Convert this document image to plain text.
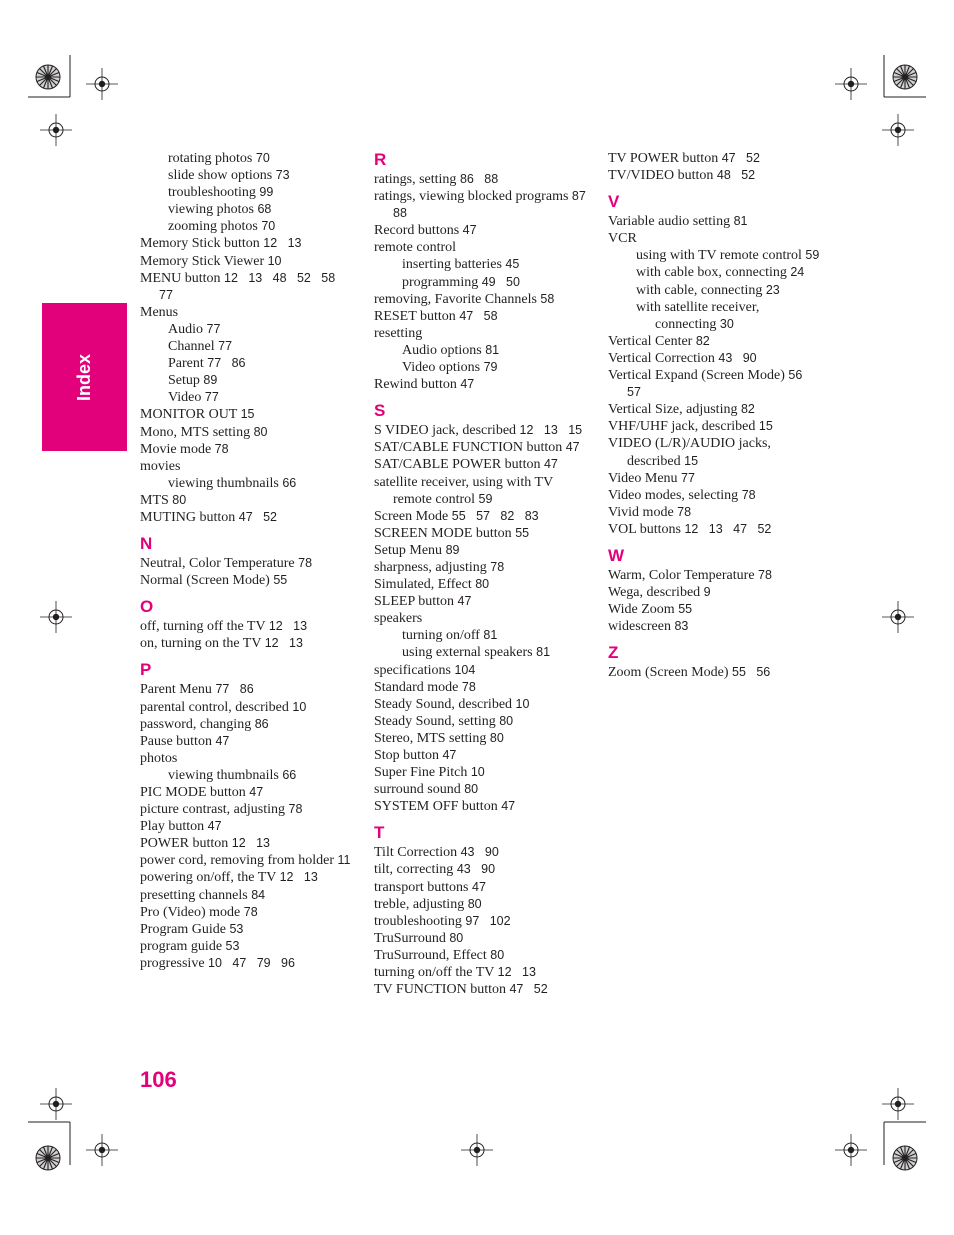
Index
rotating photos 70
slide show options 73
troubleshooting 99
viewing photos 68
zooming photos 70
Memory Stick button 12   13
Memory Stick Viewer 10
MENU button 12   13   48   52   58   77
Menus
Audio 77
Channel 77
Parent 77   86
Setup 89
Video 77
MONITOR OUT 15
Mono, MTS setting 80
Movie mode 78
movies
viewing thumbnails 66
MTS 80
MUTING button 47   52
N
Neutral, Color Temperature 78
Normal (Screen Mode) 55
O
off, turning off the TV 12   13
on, turning on the TV 12   13
P
Parent Menu 77   86
parental control, described 10
password, changing 86
Pause button 47
photos
viewing thumbnails 66
PIC MODE button 47
picture contrast, adjusting 78
Play button 47
POWER button 12   13
power cord, removing from holder 11
powering on/off, the TV 12   13
presetting channels 84
Pro (Video) mode 78
Program Guide 53
program guide 53
progressive 10   47   79   96
R
ratings, setting 86   88
ratings, viewing blocked programs 87   88
Record buttons 47
remote control
inserting batteries 45
programming 49   50
removing, Favorite Channels 58
RESET button 47   58
resetting
Audio options 81
Video options 79
Rewind button 47
S
S VIDEO jack, described 12   13   15
SAT/CABLE FUNCTION button 47
SAT/CABLE POWER button 47
satellite receiver, using with TV remote control 59
Screen Mode 55   57   82   83
SCREEN MODE button 55
Setup Menu 89
sharpness, adjusting 78
Simulated, Effect 80
SLEEP button 47
speakers
turning on/off 81
using external speakers 81
specifications 104
Standard mode 78
Steady Sound, described 10
Steady Sound, setting 80
Stereo, MTS setting 80
Stop button 47
Super Fine Pitch 10
surround sound 80
SYSTEM OFF button 47
T
Tilt Correction 43   90
tilt, correcting 43   90
transport buttons 47
treble, adjusting 80
troubleshooting 97   102
TruSurround 80
TruSurround, Effect 80
turning on/off the TV 12   13
TV FUNCTION button 47   52
TV POWER button 47   52
TV/VIDEO button 48   52
V
Variable audio setting 81
VCR
using with TV remote control 59
with cable box, connecting 24
with cable, connecting 23
with satellite receiver, connecting 30
Vertical Center 82
Vertical Correction 43   90
Vertical Expand (Screen Mode) 56   57
Vertical Size, adjusting 82
VHF/UHF jack, described 15
VIDEO (L/R)/AUDIO jacks, described 15
Video Menu 77
Video modes, selecting 78
Vivid mode 78
VOL buttons 12   13   47   52
W
Warm, Color Temperature 78
Wega, described 9
Wide Zoom 55
widescreen 83
Z
Zoom (Screen Mode) 55   56
106
